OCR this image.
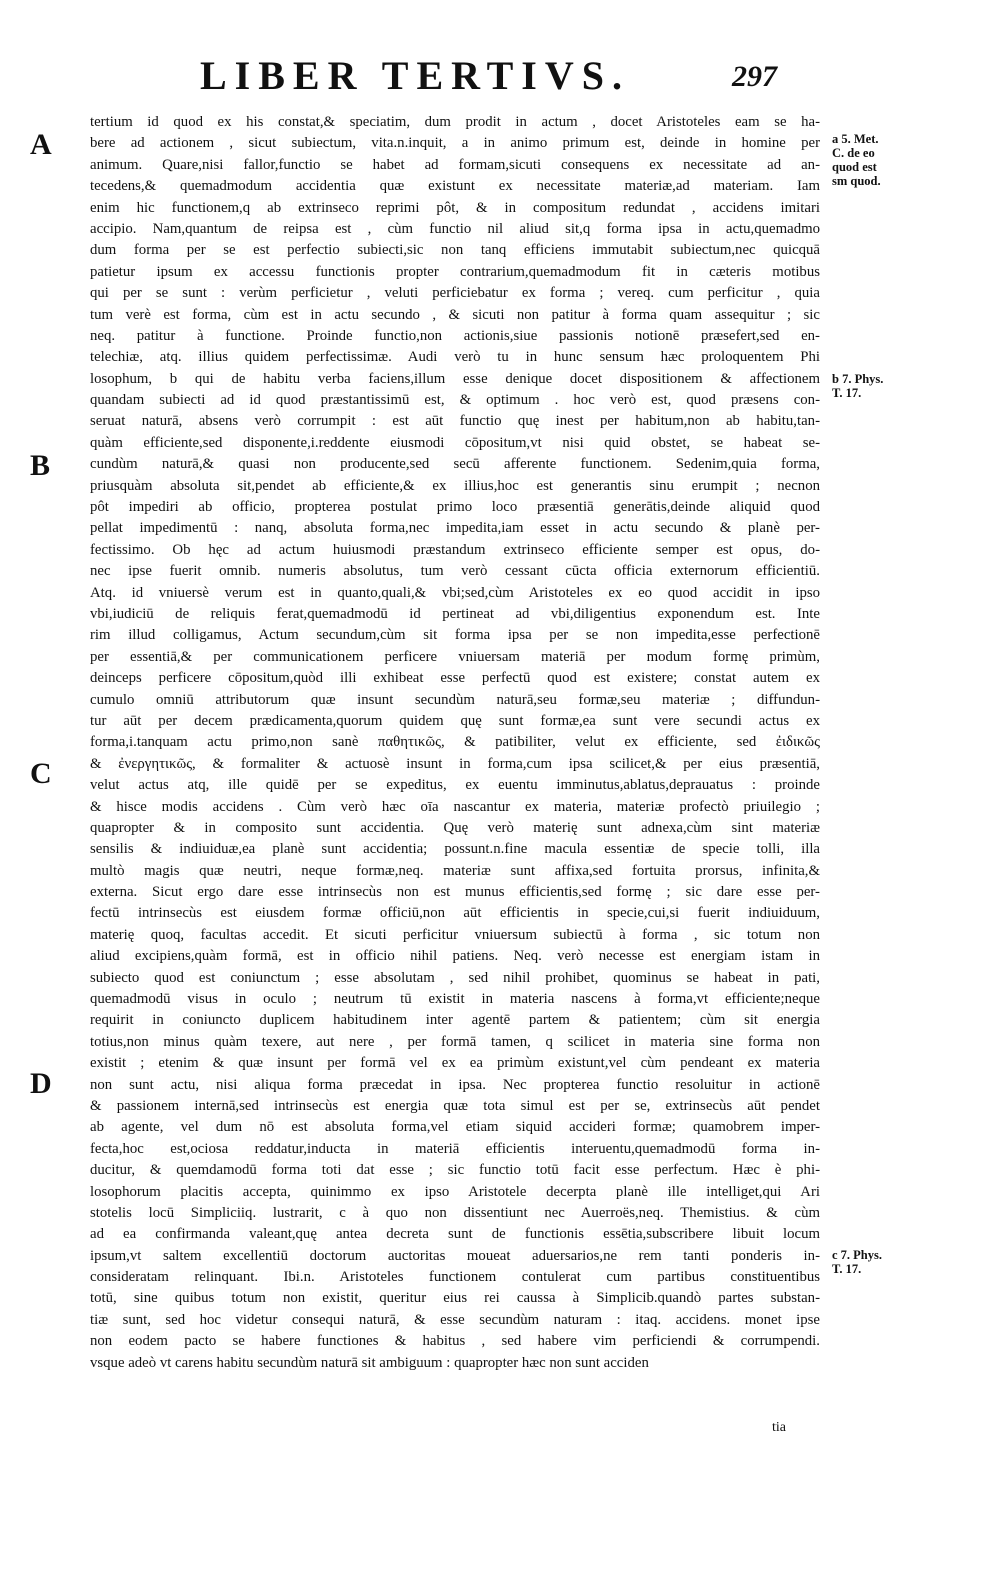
LIBER TERTIVS.	297
A
B
C
D
a 5. Met.
C. de eo
quod est
sm quod.
b 7. Phys.
T. 17.
c 7. Phys.
T. 17.
tertium id quod ex his constat,& speciatim, dum prodit in actum , docet Aristoteles eam se ha-
bere ad actionem , sicut subiectum, vita.n.inquit, a in animo primum est, deinde in homine per
animum. Quare,nisi fallor,functio se habet ad formam,sicuti consequens ex necessitate ad an-
tecedens,& quemadmodum accidentia quæ existunt ex necessitate materiæ,ad materiam. Iam
enim hic functionem,q ab extrinseco reprimi pôt, & in compositum redundat , accidens imitari
accipio. Nam,quantum de reipsa est , cùm functio nil aliud sit,q forma ipsa in actu,quemadmo
dum forma per se est perfectio subiecti,sic non tanq efficiens immutabit subiectum,nec quicquā
patietur ipsum ex accessu functionis propter contrarium,quemadmodum fit in cæteris motibus
qui per se sunt : verùm perficietur , veluti perficiebatur ex forma ; vereq. cum perficitur , quia
tum verè est forma, cùm est in actu secundo , & sicuti non patitur à forma quam assequitur ; sic
neq. patitur à functione. Proinde functio,non actionis,siue passionis notionē præsefert,sed en-
telechiæ, atq. illius quidem perfectissimæ. Audi verò tu in hunc sensum hæc proloquentem Phi
losophum, b qui de habitu verba faciens,illum esse denique docet dispositionem & affectionem
quandam subiecti ad id quod præstantissimū est, & optimum . hoc verò est, quod præsens con-
seruat naturā, absens verò corrumpit : est aūt functio quę inest per habitum,non ab habitu,tan-
quàm efficiente,sed disponente,i.reddente eiusmodi cōpositum,vt nisi quid obstet, se habeat se-
cundùm naturā,& quasi non producente,sed secū afferente functionem. Sedenim,quia forma,
priusquàm absoluta sit,pendet ab efficiente,& ex illius,hoc est generantis sinu erumpit ; necnon
pôt impediri ab officio, propterea postulat primo loco præsentiā generātis,deinde aliquid quod
pellat impedimentū : nanq, absoluta forma,nec impedita,iam esset in actu secundo & planè per-
fectissimo. Ob hęc ad actum huiusmodi præstandum extrinseco efficiente semper est opus, do-
nec ipse fuerit omnib. numeris absolutus, tum verò cessant cūcta officia externorum efficientiū.
Atq. id vniuersè verum est in quanto,quali,& vbi;sed,cùm Aristoteles ex eo quod accidit in ipso
vbi,iudiciū de reliquis ferat,quemadmodū id pertineat ad vbi,diligentius exponendum est. Inte
rim illud colligamus, Actum secundum,cùm sit forma ipsa per se non impedita,esse perfectionē
per essentiā,& per communicationem perficere vniuersam materiā per modum formę primùm,
deinceps perficere cōpositum,quòd illi exhibeat esse perfectū quod est existere; constat autem ex
cumulo omniū attributorum quæ insunt secundùm naturā,seu formæ,seu materiæ ; diffundun-
tur aūt per decem prædicamenta,quorum quidem quę sunt formæ,ea sunt vere secundi actus ex
forma,i.tanquam actu primo,non sanè παθητικῶς, & patibiliter, velut ex efficiente, sed ἐιδικῶς
& ἐνεργητικῶς, & formaliter & actuosè insunt in forma,cum ipsa scilicet,& per eius præsentiā,
velut actus atq, ille quidē per se expeditus, ex euentu imminutus,ablatus,deprauatus : proinde
& hisce modis accidens . Cùm verò hæc oīa nascantur ex materia, materiæ profectò priuilegio ;
quapropter & in composito sunt accidentia. Quę verò materię sunt adnexa,cùm sint materiæ
sensilis & indiuiduæ,ea planè sunt accidentia; possunt.n.fine macula essentiæ de specie tolli, illa
multò magis quæ neutri, neque formæ,neq. materiæ sunt affixa,sed fortuita prorsus, infinita,&
externa. Sicut ergo dare esse intrinsecùs non est munus efficientis,sed formę ; sic dare esse per-
fectū intrinsecùs est eiusdem formæ officiū,non aūt efficientis in specie,cui,si fuerit indiuiduum,
materię quoq, facultas accedit. Et sicuti perficitur vniuersum subiectū à forma , sic totum non
aliud excipiens,quàm formā, est in officio nihil patiens. Neq. verò necesse est energiam istam in
subiecto quod est coniunctum ; esse absolutam , sed nihil prohibet, quominus se habeat in pati,
quemadmodū visus in oculo ; neutrum tū existit in materia nascens à forma,vt efficiente;neque
requirit in coniuncto duplicem habitudinem inter agentē partem & patientem; cùm sit energia
totius,non minus quàm texere, aut nere , per formā tamen, q scilicet in materia sine forma non
existit ; etenim & quæ insunt per formā vel ex ea primùm existunt,vel cùm pendeant ex materia
non sunt actu, nisi aliqua forma præcedat in ipsa. Nec propterea functio resoluitur in actionē
& passionem internā,sed intrinsecùs est energia quæ tota simul est per se, extrinsecùs aūt pendet
ab agente, vel dum nō est absoluta forma,vel etiam siquid accideri formæ; quamobrem imper-
fecta,hoc est,ociosa reddatur,inducta in materiā efficientis interuentu,quemadmodū forma in-
ducitur, & quemdamodū forma toti dat esse ; sic functio totū facit esse perfectum. Hæc è phi-
losophorum placitis accepta, quinimmo ex ipso Aristotele decerpta planè ille intelliget,qui Ari
stotelis locū Simpliciiq. lustrarit, c à quo non dissentiunt nec Auerroës,neq. Themistius. & cùm
ad ea confirmanda valeant,quę antea decreta sunt de functionis essētia,subscribere libuit locum
ipsum,vt saltem excellentiū doctorum auctoritas moueat aduersarios,ne rem tanti ponderis in-
consideratam relinquant. Ibi.n. Aristoteles functionem contulerat cum partibus constituentibus
totū, sine quibus totum non existit, queritur eius rei caussa à Simplicib.quandò partes substan-
tiæ sunt, sed hoc videtur consequi naturā, & esse secundùm naturam : itaq. accidens. monet ipse
non eodem pacto se habere functiones & habitus , sed habere vim perficiendi & corrumpendi.
vsque adeò vt carens habitu secundùm naturā sit ambiguum : quapropter hæc non sunt acciden
tia
